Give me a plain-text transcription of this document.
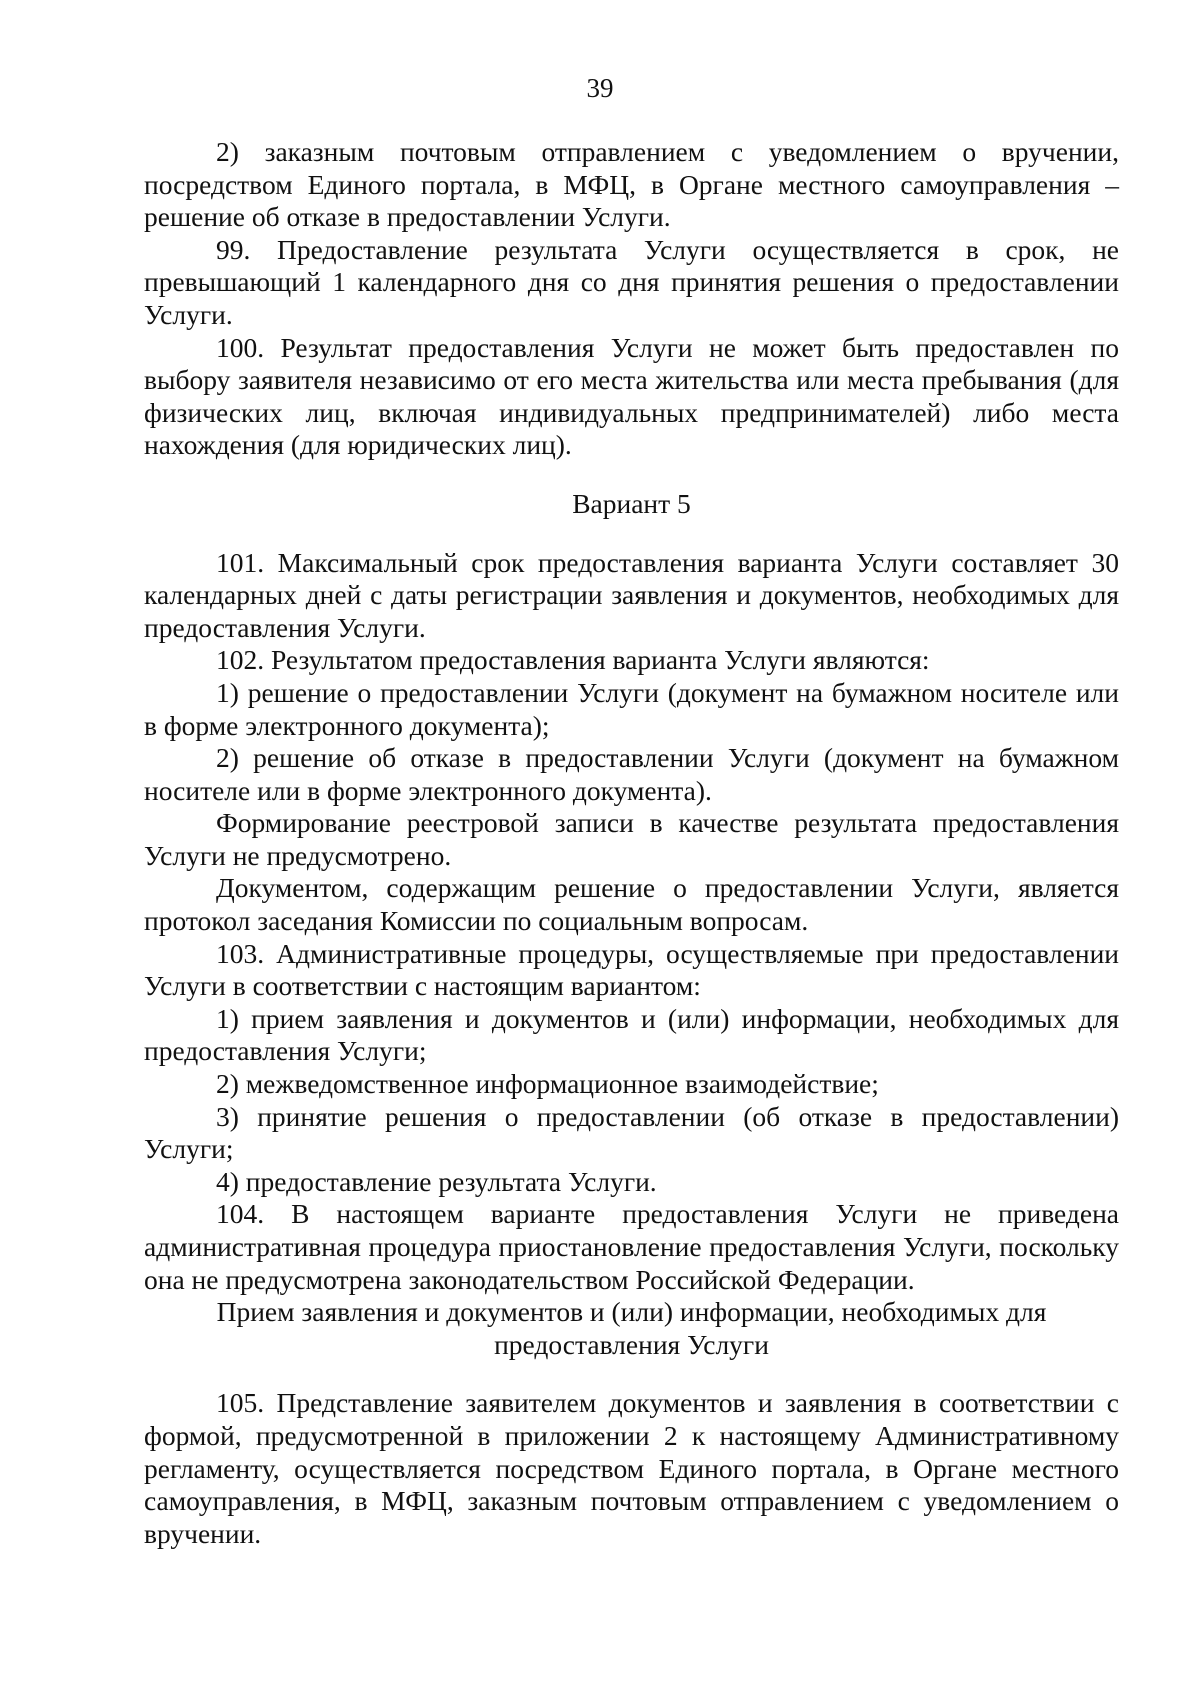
39

2) заказным почтовым отправлением с уведомлением о вручении, посредством Единого портала, в МФЦ, в Органе местного самоуправления – решение об отказе в предоставлении Услуги.

99. Предоставление результата Услуги осуществляется в срок, не превышающий 1 календарного дня со дня принятия решения о предоставлении Услуги.

100. Результат предоставления Услуги не может быть предоставлен по выбору заявителя независимо от его места жительства или места пребывания (для физических лиц, включая индивидуальных предпринимателей) либо места нахождения (для юридических лиц).

Вариант 5

101. Максимальный срок предоставления варианта Услуги составляет 30 календарных дней с даты регистрации заявления и документов, необходимых для предоставления Услуги.

102. Результатом предоставления варианта Услуги являются:

1) решение о предоставлении Услуги (документ на бумажном носителе или в форме электронного документа);

2) решение об отказе в предоставлении Услуги (документ на бумажном носителе или в форме электронного документа).

Формирование реестровой записи в качестве результата предоставления Услуги не предусмотрено.

Документом, содержащим решение о предоставлении Услуги, является протокол заседания Комиссии по социальным вопросам.

103. Административные процедуры, осуществляемые при предоставлении Услуги в соответствии с настоящим вариантом:

1) прием заявления и документов и (или) информации, необходимых для предоставления Услуги;

2) межведомственное информационное взаимодействие;

3) принятие решения о предоставлении (об отказе в предоставлении) Услуги;

4) предоставление результата Услуги.

104. В настоящем варианте предоставления Услуги не приведена административная процедура приостановление предоставления Услуги, поскольку она не предусмотрена законодательством Российской Федерации.

Прием заявления и документов и (или) информации, необходимых для предоставления Услуги

105. Представление заявителем документов и заявления в соответствии с формой, предусмотренной в приложении 2 к настоящему Административному регламенту, осуществляется посредством Единого портала, в Органе местного самоуправления, в МФЦ, заказным почтовым отправлением с уведомлением о вручении.
